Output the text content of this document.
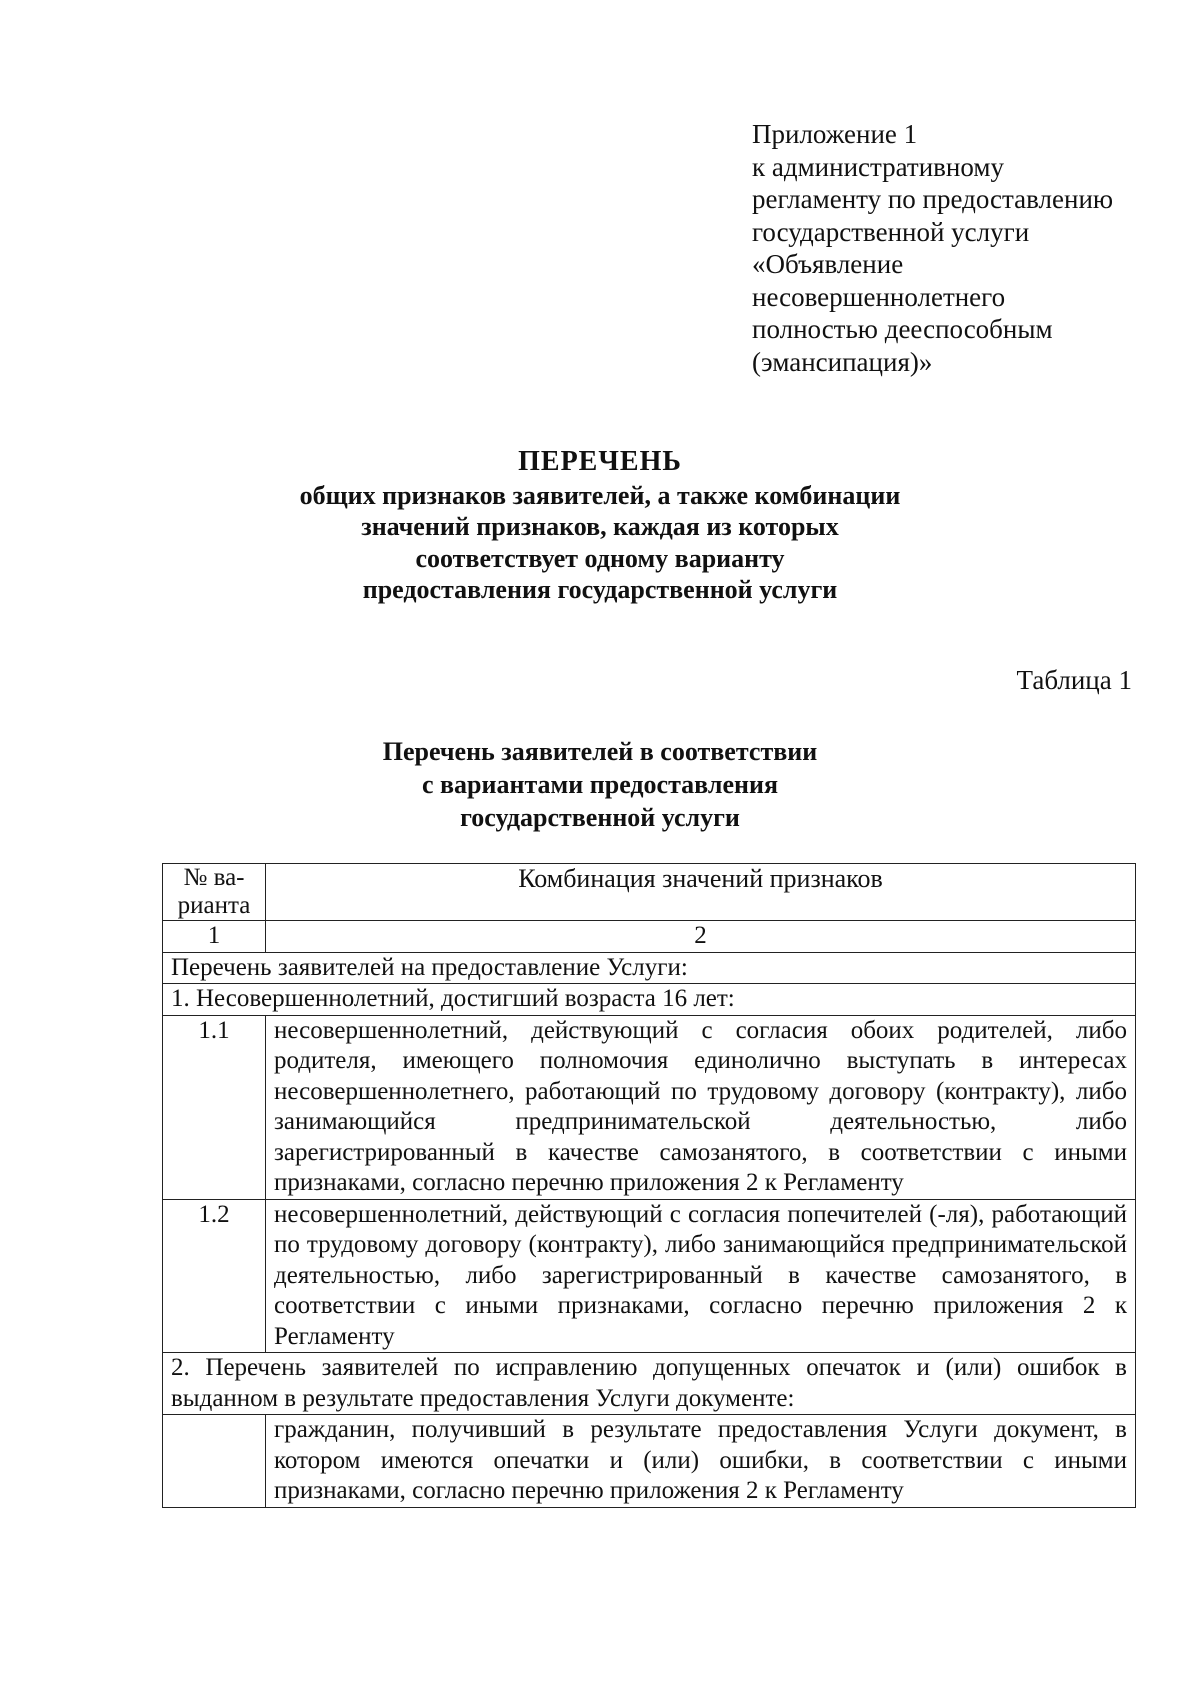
Приложение 1
к административному
регламенту по предоставлению
государственной услуги
«Объявление
несовершеннолетнего
полностью дееспособным
(эмансипация)»
ПЕРЕЧЕНЬ
общих признаков заявителей, а также комбинации
значений признаков, каждая из которых
соответствует одному варианту
предоставления государственной услуги
Таблица 1
Перечень заявителей в соответствии
с вариантами предоставления
государственной услуги
№ ва-
рианта	Комбинация значений признаков
1	2
Перечень заявителей на предоставление Услуги:	
1. Несовершеннолетний, достигший возраста 16 лет:	
1.1	несовершеннолетний, действующий с согласия обоих родителей, либо родителя, имеющего полномочия единолично выступать в интересах несовершеннолетнего, работающий по трудовому договору (контракту), либо занимающийся предпринимательской деятельностью, либо зарегистрированный в качестве самозанятого, в соответствии с иными признаками, согласно перечню приложения 2 к Регламенту
1.2	несовершеннолетний, действующий с согласия попечителей (-ля), работающий по трудовому договору (контракту), либо занимающийся предпринимательской деятельностью, либо зарегистрированный в качестве самозанятого, в соответствии с иными признаками, согласно перечню приложения 2 к Регламенту
2. Перечень заявителей по исправлению допущенных опечаток и (или) ошибок в выданном в результате предоставления Услуги документе:	
	гражданин, получивший в результате предоставления Услуги документ, в котором имеются опечатки и (или) ошибки, в соответствии с иными признаками, согласно перечню приложения 2 к Регламенту
